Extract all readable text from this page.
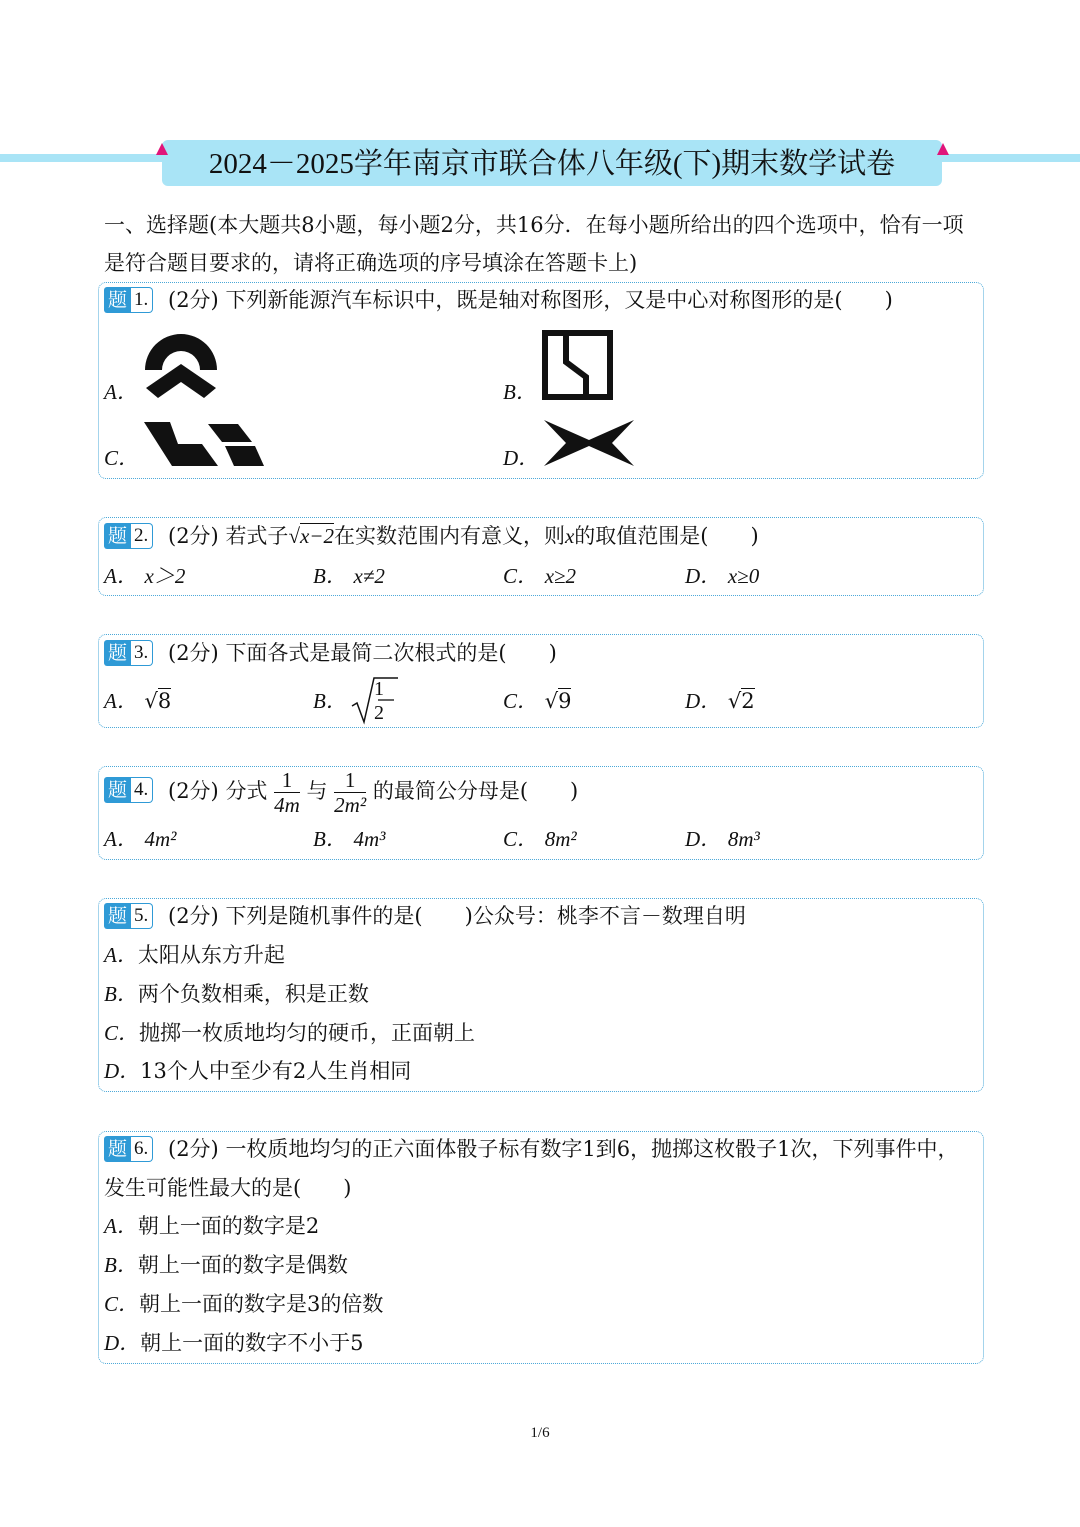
2024－2025学年南京市联合体八年级(下)期末数学试卷
一、选择题(本大题共8小题，每小题2分，共16分．在每小题所给出的四个选项中，恰有一项是符合题目要求的，请将正确选项的序号填涂在答题卡上)
题 1. (2分) 下列新能源汽车标识中，既是轴对称图形，又是中心对称图形的是(　　)
A．	B．
C．	D．
题 2. (2分) 若式子√x−2在实数范围内有意义，则x的取值范围是(　　)
A． x＞2	B． x≠2	C． x≥2	D． x≥0
题 3. (2分) 下面各式是最简二次根式的是(　　)
A． √8	B． 1
2	C． √9	D． √2
题 4. (2分) 分式 $\frac{1}{4m}$ 与 $\frac{1}{\text{2m²}}$ 的最简公分母是(　　)
A． 4m²	B． 4m³	C． 8m²	D． 8m³
题 5. (2分) 下列是随机事件的是(　　)公众号：桃李不言－数理自明
A．太阳从东方升起
B．两个负数相乘，积是正数
C．抛掷一枚质地均匀的硬币，正面朝上
D．13个人中至少有2人生肖相同
题 6. (2分) 一枚质地均匀的正六面体骰子标有数字1到6，抛掷这枚骰子1次，下列事件中，
发生可能性最大的是(　　)
A．朝上一面的数字是2
B．朝上一面的数字是偶数
C．朝上一面的数字是3的倍数
D．朝上一面的数字不小于5
1/6
